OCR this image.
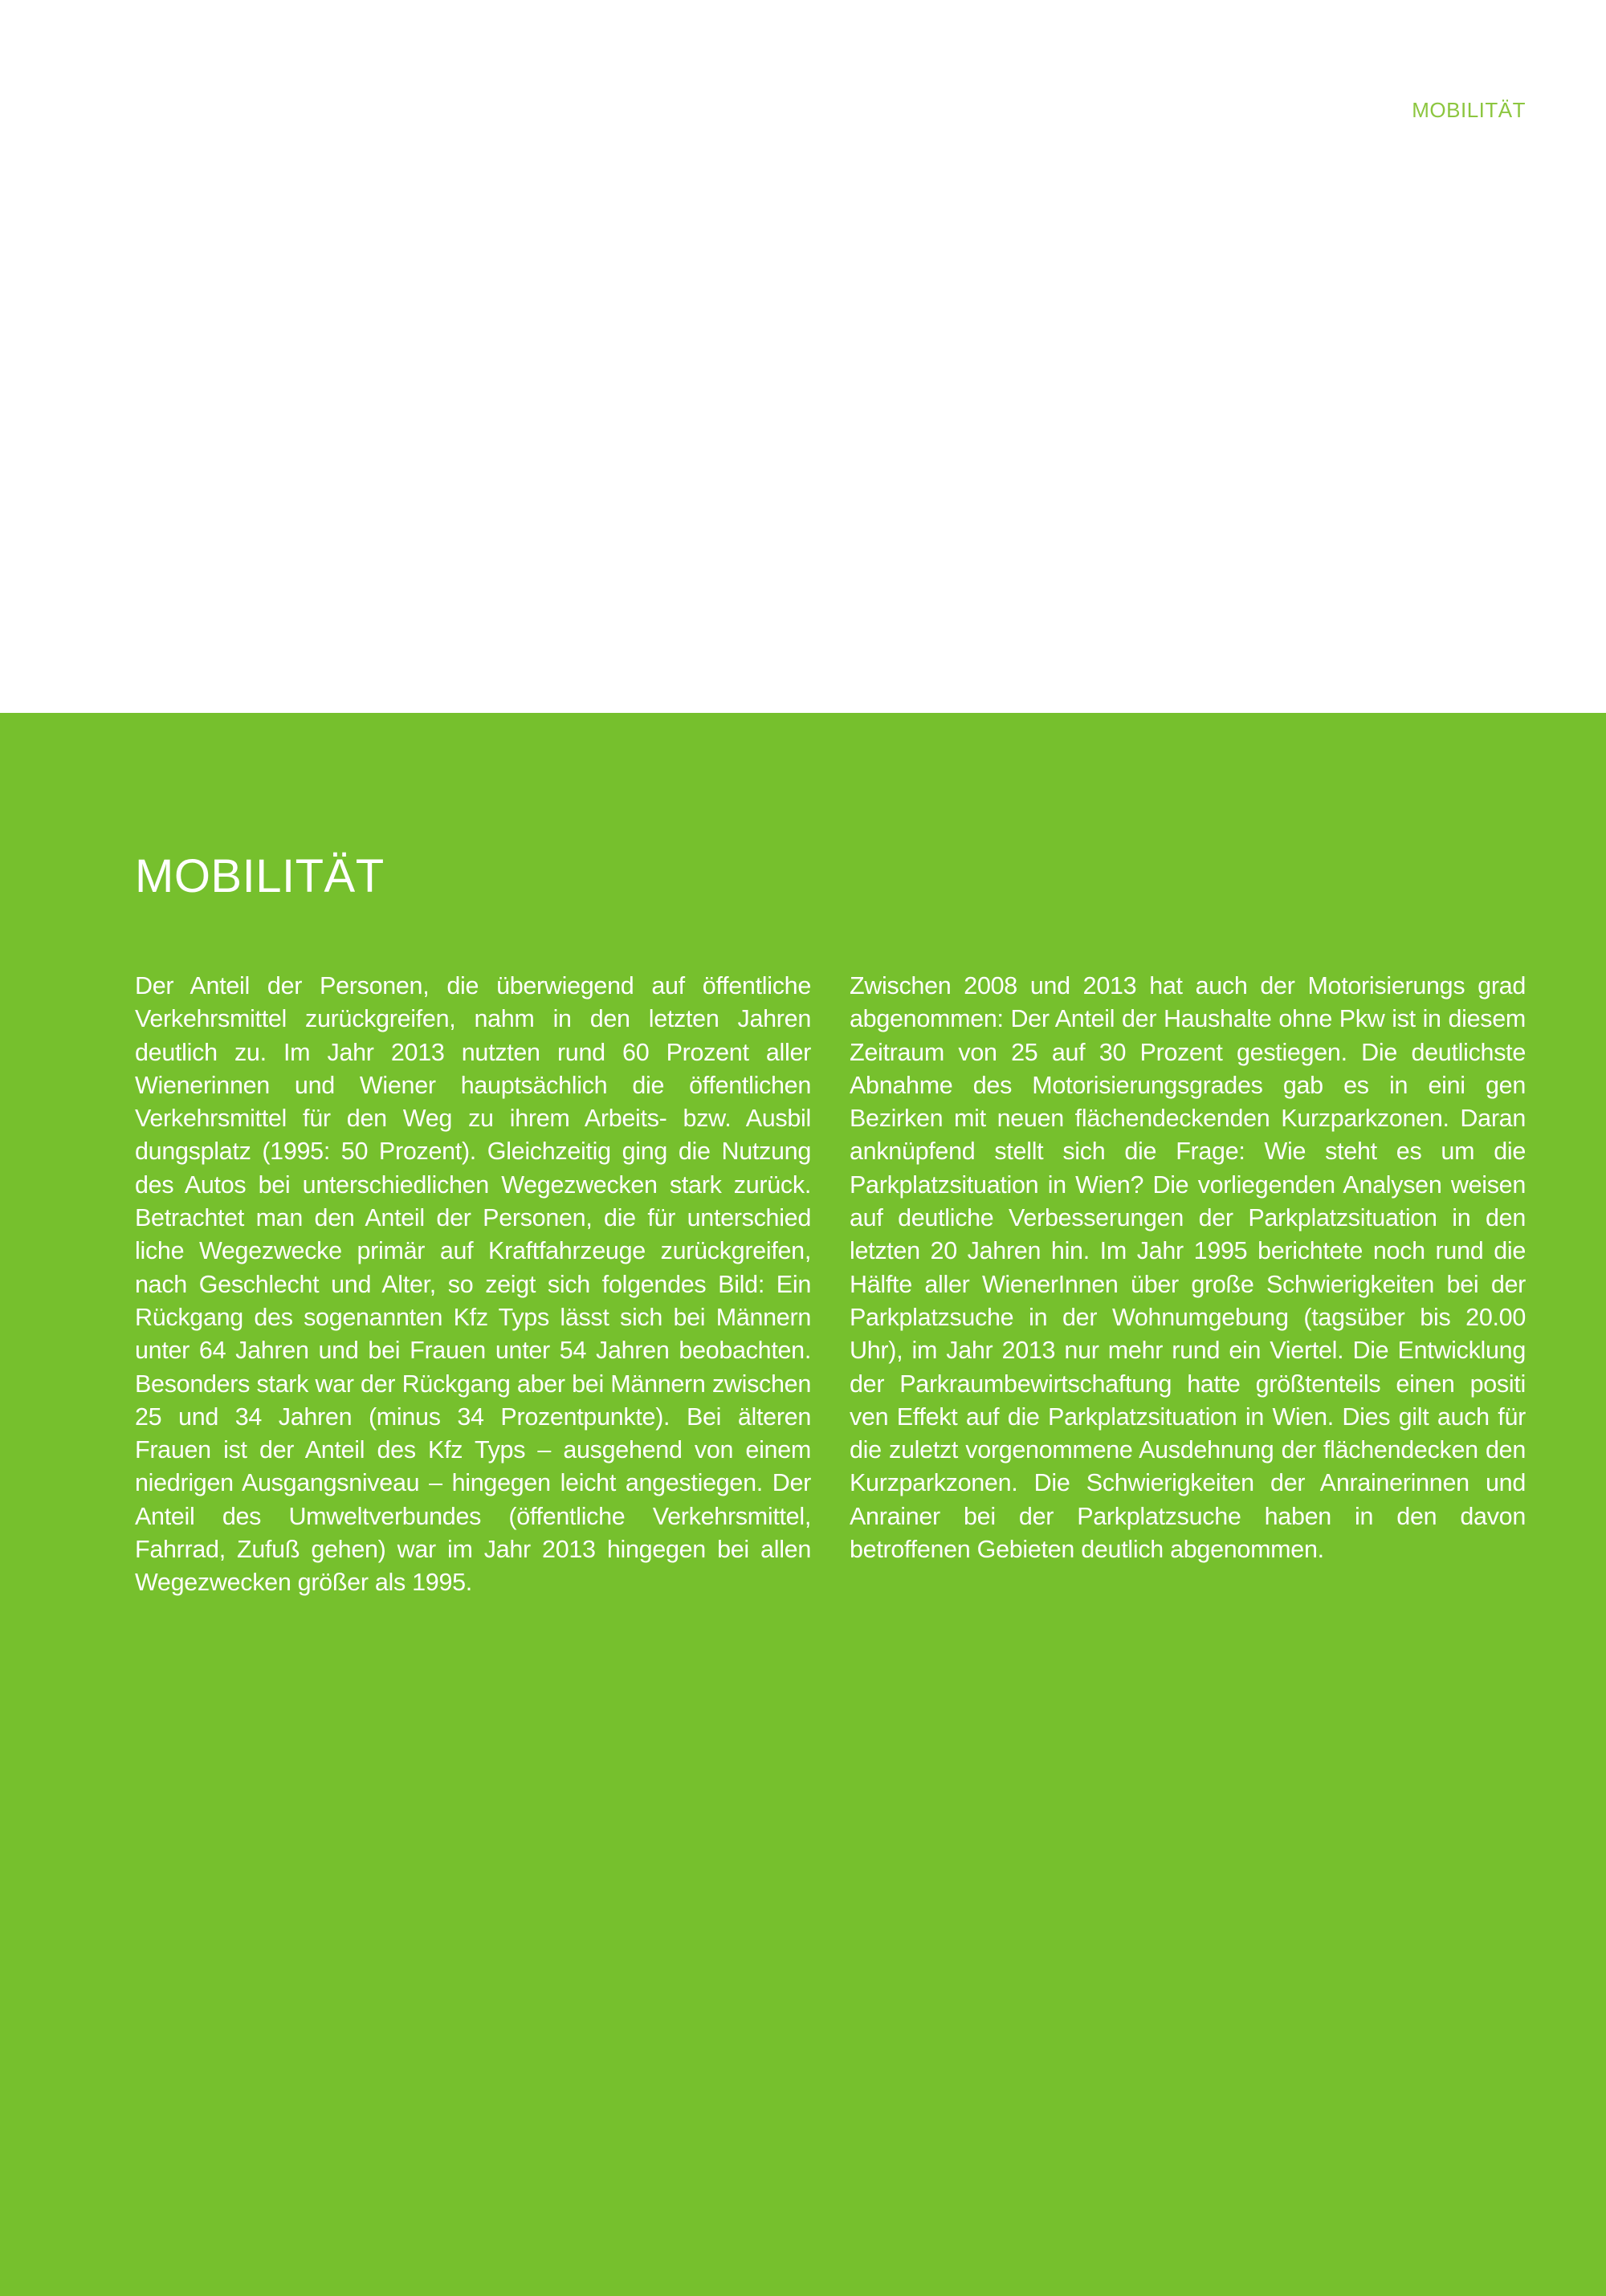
MOBILITÄT
MOBILITÄT

Der Anteil der Personen, die überwiegend auf öffentliche Verkehrsmittel zurückgreifen, nahm in den letzten Jahren deutlich zu. Im Jahr 2013 nutzten rund 60 Prozent aller Wienerinnen und Wiener hauptsächlich die öffentlichen Verkehrsmittel für den Weg zu ihrem Arbeits- bzw. Ausbil dungsplatz (1995: 50 Prozent). Gleichzeitig ging die Nutzung des Autos bei unterschiedlichen Wegezwecken stark zurück. Betrachtet man den Anteil der Personen, die für unterschied liche Wegezwecke primär auf Kraftfahrzeuge zurückgreifen, nach Geschlecht und Alter, so zeigt sich folgendes Bild: Ein Rückgang des sogenannten Kfz Typs lässt sich bei Männern unter 64 Jahren und bei Frauen unter 54 Jahren beobachten. Besonders stark war der Rückgang aber bei Männern zwischen 25 und 34 Jahren (minus 34 Prozentpunkte). Bei älteren Frauen ist der Anteil des Kfz Typs – ausgehend von einem niedrigen Ausgangsniveau – hingegen leicht angestiegen. Der Anteil des Umweltverbundes (öffentliche Verkehrsmittel, Fahrrad, Zufuß gehen) war im Jahr 2013 hingegen bei allen Wegezwecken größer als 1995.

Zwischen 2008 und 2013 hat auch der Motorisierungs grad abgenommen: Der Anteil der Haushalte ohne Pkw ist in diesem Zeitraum von 25 auf 30 Prozent gestiegen. Die deutlichste Abnahme des Motorisierungsgrades gab es in eini gen Bezirken mit neuen flächendeckenden Kurzparkzonen. Daran anknüpfend stellt sich die Frage: Wie steht es um die Parkplatzsituation in Wien? Die vorliegenden Analysen weisen auf deutliche Verbesserungen der Parkplatzsituation in den letzten 20 Jahren hin. Im Jahr 1995 berichtete noch rund die Hälfte aller WienerInnen über große Schwierigkeiten bei der Parkplatzsuche in der Wohnumgebung (tagsüber bis 20.00 Uhr), im Jahr 2013 nur mehr rund ein Viertel. Die Entwicklung der Parkraumbewirtschaftung hatte größtenteils einen positi ven Effekt auf die Parkplatzsituation in Wien. Dies gilt auch für die zuletzt vorgenommene Ausdehnung der flächendecken den Kurzparkzonen. Die Schwierigkeiten der Anrainerinnen und Anrainer bei der Parkplatzsuche haben in den davon betroffenen Gebieten deutlich abgenommen.
